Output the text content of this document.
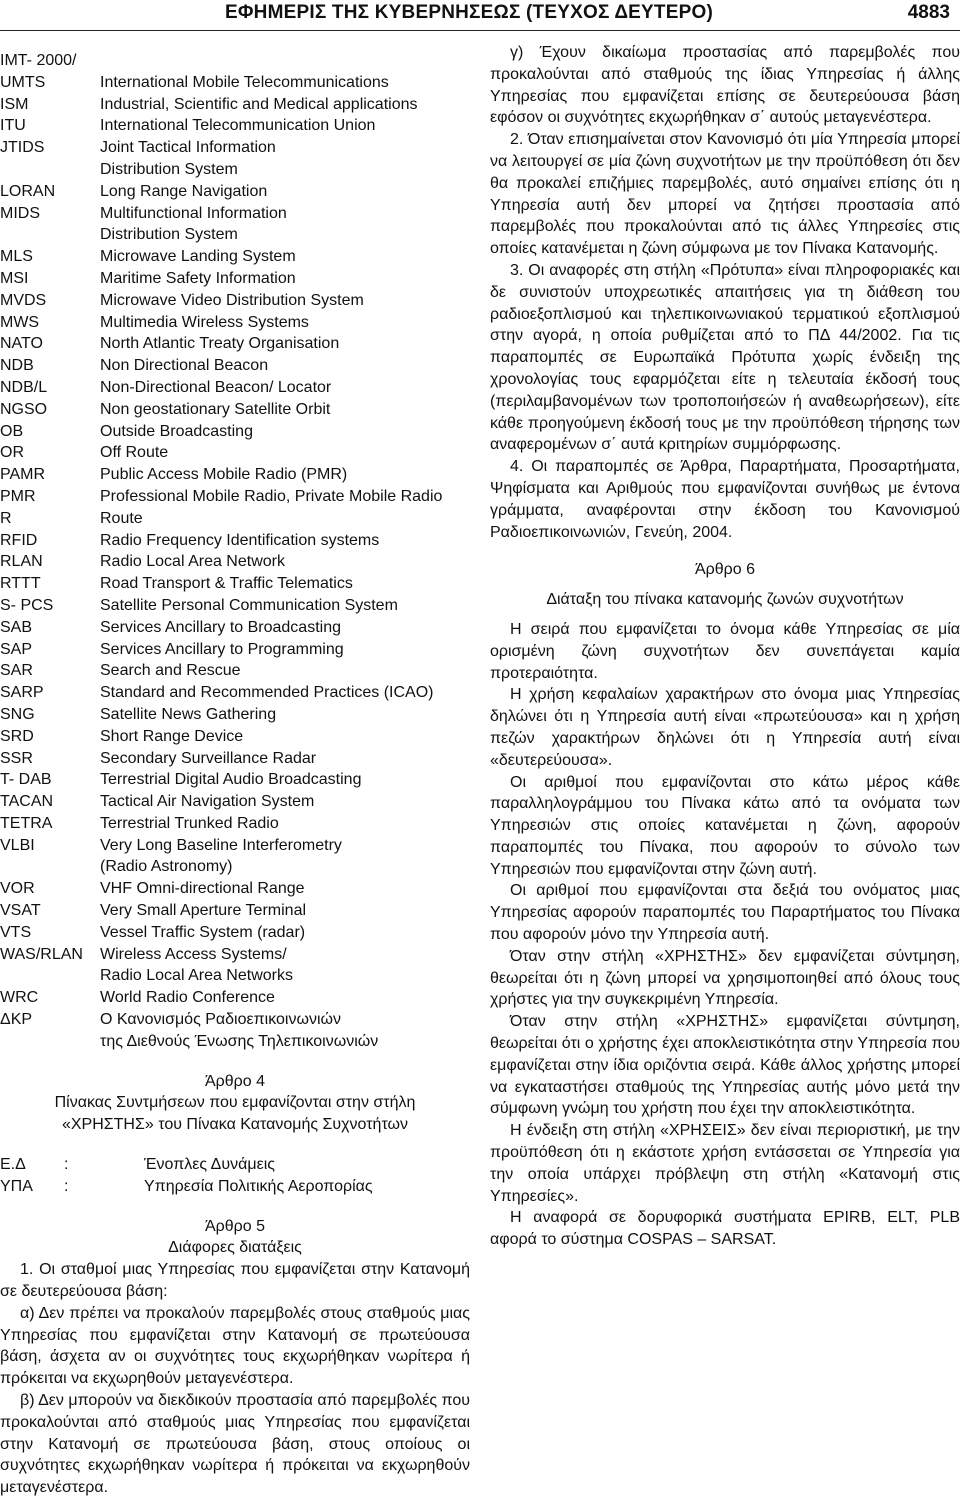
ΕΦΗΜΕΡΙΣ ΤΗΣ ΚΥΒΕΡΝΗΣΕΩΣ (ΤΕΥΧΟΣ ΔΕΥΤΕΡΟ)	4883
IMT- 2000/
UMTS	International Mobile Telecommunications
ISM	Industrial, Scientific and Medical applications
ITU	International Telecommunication Union
JTIDS	Joint Tactical Information
Distribution System
LORAN	Long Range Navigation
MIDS	Multifunctional Information
Distribution System
MLS	Microwave Landing System
MSI	Maritime Safety Information
MVDS	Microwave Video Distribution System
MWS	Multimedia Wireless Systems
NATO	North Atlantic Treaty Organisation
NDB	Non Directional Beacon
NDB/L	Non-Directional Beacon/ Locator
NGSO	Non geostationary Satellite Orbit
OB	Outside Broadcasting
OR	Off Route
PAMR	Public Access Mobile Radio (PMR)
PMR	Professional Mobile Radio, Private Mobile Radio
R	Route
RFID	Radio Frequency Identification systems
RLAN	Radio Local Area Network
RTTT	Road Transport & Traffic Telematics
S- PCS	Satellite Personal Communication System
SAB	Services Ancillary to Broadcasting
SAP	Services Ancillary to Programming
SAR	Search and Rescue
SARP	Standard and Recommended Practices (ICAO)
SNG	Satellite News Gathering
SRD	Short Range Device
SSR	Secondary Surveillance Radar
T- DAB	Terrestrial Digital Audio Broadcasting
TACAN	Tactical Air Navigation System
TETRA	Terrestrial Trunked Radio
VLBI	Very Long Baseline Interferometry
(Radio Astronomy)
VOR	VHF Omni-directional Range
VSAT	Very Small Aperture Terminal
VTS	Vessel Traffic System (radar)
WAS/RLAN	Wireless Access Systems/
Radio Local Area Networks
WRC	World Radio Conference
ΔΚΡ	Ο Κανονισμός Ραδιοεπικοινωνιών
της Διεθνούς Ένωσης Τηλεπικοινωνιών
Άρθρο 4
Πίνακας Συντμήσεων που εμφανίζονται στην στήλη
«ΧΡΗΣΤΗΣ» του Πίνακα Κατανομής Συχνοτήτων
Ε.Δ	:	Ένοπλες Δυνάμεις
ΥΠΑ	:	Υπηρεσία Πολιτικής Αεροπορίας
Άρθρο 5
Διάφορες διατάξεις

1. Οι σταθμοί μιας Υπηρεσίας που εμφανίζεται στην Κατανομή σε δευτερεύουσα βάση:

α) Δεν πρέπει να προκαλούν παρεμβολές στους σταθμούς μιας Υπηρεσίας που εμφανίζεται στην Κατανομή σε πρωτεύουσα βάση, άσχετα αν οι συχνότητες τους εκχωρήθηκαν νωρίτερα ή πρόκειται να εκχωρηθούν μεταγενέστερα.

β) Δεν μπορούν να διεκδικούν προστασία από παρεμβολές που προκαλούνται από σταθμούς μιας Υπηρεσίας που εμφανίζεται στην Κατανομή σε πρωτεύουσα βάση, στους οποίους οι συχνότητες εκχωρήθηκαν νωρίτερα ή πρόκειται να εκχωρηθούν μεταγενέστερα.

γ) Έχουν δικαίωμα προστασίας από παρεμβολές που προκαλούνται από σταθμούς της ίδιας Υπηρεσίας ή άλλης Υπηρεσίας που εμφανίζεται επίσης σε δευτερεύουσα βάση εφόσον οι συχνότητες εκχωρήθηκαν σ΄ αυτούς μεταγενέστερα.

2. Όταν επισημαίνεται στον Κανονισμό ότι μία Υπηρεσία μπορεί να λειτουργεί σε μία ζώνη συχνοτήτων με την προϋπόθεση ότι δεν θα προκαλεί επιζήμιες παρεμβολές, αυτό σημαίνει επίσης ότι η Υπηρεσία αυτή δεν μπορεί να ζητήσει προστασία από παρεμβολές που προκαλούνται από τις άλλες Υπηρεσίες στις οποίες κατανέμεται η ζώνη σύμφωνα με τον Πίνακα Κατανομής.

3. Οι αναφορές στη στήλη «Πρότυπα» είναι πληροφοριακές και δε συνιστούν υποχρεωτικές απαιτήσεις για τη διάθεση του ραδιοεξοπλισμού και τηλεπικοινωνιακού τερματικού εξοπλισμού στην αγορά, η οποία ρυθμίζεται από το ΠΔ 44/2002. Για τις παραπομπές σε Ευρωπαϊκά Πρότυπα χωρίς ένδειξη της χρονολογίας τους εφαρμόζεται είτε η τελευταία έκδοσή τους (περιλαμβανομένων των τροποποιήσεών ή αναθεωρήσεων), είτε κάθε προηγούμενη έκδοσή τους με την προϋπόθεση τήρησης των αναφερομένων σ΄ αυτά κριτηρίων συμμόρφωσης.

4. Οι παραπομπές σε Άρθρα, Παραρτήματα, Προσαρτήματα, Ψηφίσματα και Αριθμούς που εμφανίζονται συνήθως με έντονα γράμματα, αναφέρονται στην έκδοση του Κανονισμού Ραδιοεπικοινωνιών, Γενεύη, 2004.

Άρθρο 6
Διάταξη του πίνακα κατανομής ζωνών συχνοτήτων

Η σειρά που εμφανίζεται το όνομα κάθε Υπηρεσίας σε μία ορισμένη ζώνη συχνοτήτων δεν συνεπάγεται καμία προτεραιότητα.

Η χρήση κεφαλαίων χαρακτήρων στο όνομα μιας Υπηρεσίας δηλώνει ότι η Υπηρεσία αυτή είναι «πρωτεύουσα» και η χρήση πεζών χαρακτήρων δηλώνει ότι η Υπηρεσία αυτή είναι «δευτερεύουσα».

Οι αριθμοί που εμφανίζονται στο κάτω μέρος κάθε παραλληλογράμμου του Πίνακα κάτω από τα ονόματα των Υπηρεσιών στις οποίες κατανέμεται η ζώνη, αφορούν παραπομπές του Πίνακα, που αφορούν το σύνολο των Υπηρεσιών που εμφανίζονται στην ζώνη αυτή.

Οι αριθμοί που εμφανίζονται στα δεξιά του ονόματος μιας Υπηρεσίας αφορούν παραπομπές του Παραρτήματος του Πίνακα που αφορούν μόνο την Υπηρεσία αυτή.

Όταν στην στήλη «ΧΡΗΣΤΗΣ» δεν εμφανίζεται σύντμηση, θεωρείται ότι η ζώνη μπορεί να χρησιμοποιηθεί από όλους τους χρήστες για την συγκεκριμένη Υπηρεσία.

Όταν στην στήλη «ΧΡΗΣΤΗΣ» εμφανίζεται σύντμηση, θεωρείται ότι ο χρήστης έχει αποκλειστικότητα στην Υπηρεσία που εμφανίζεται στην ίδια οριζόντια σειρά. Κάθε άλλος χρήστης μπορεί να εγκαταστήσει σταθμούς της Υπηρεσίας αυτής μόνο μετά την σύμφωνη γνώμη του χρήστη που έχει την αποκλειστικότητα.

Η ένδειξη στη στήλη «ΧΡΗΣΕΙΣ» δεν είναι περιοριστική, με την προϋπόθεση ότι η εκάστοτε χρήση εντάσσεται σε Υπηρεσία για την οποία υπάρχει πρόβλεψη στη στήλη «Κατανομή στις Υπηρεσίες».

Η αναφορά σε δορυφορικά συστήματα EPIRB, ELT, PLB αφορά το σύστημα COSPAS – SARSAT.
